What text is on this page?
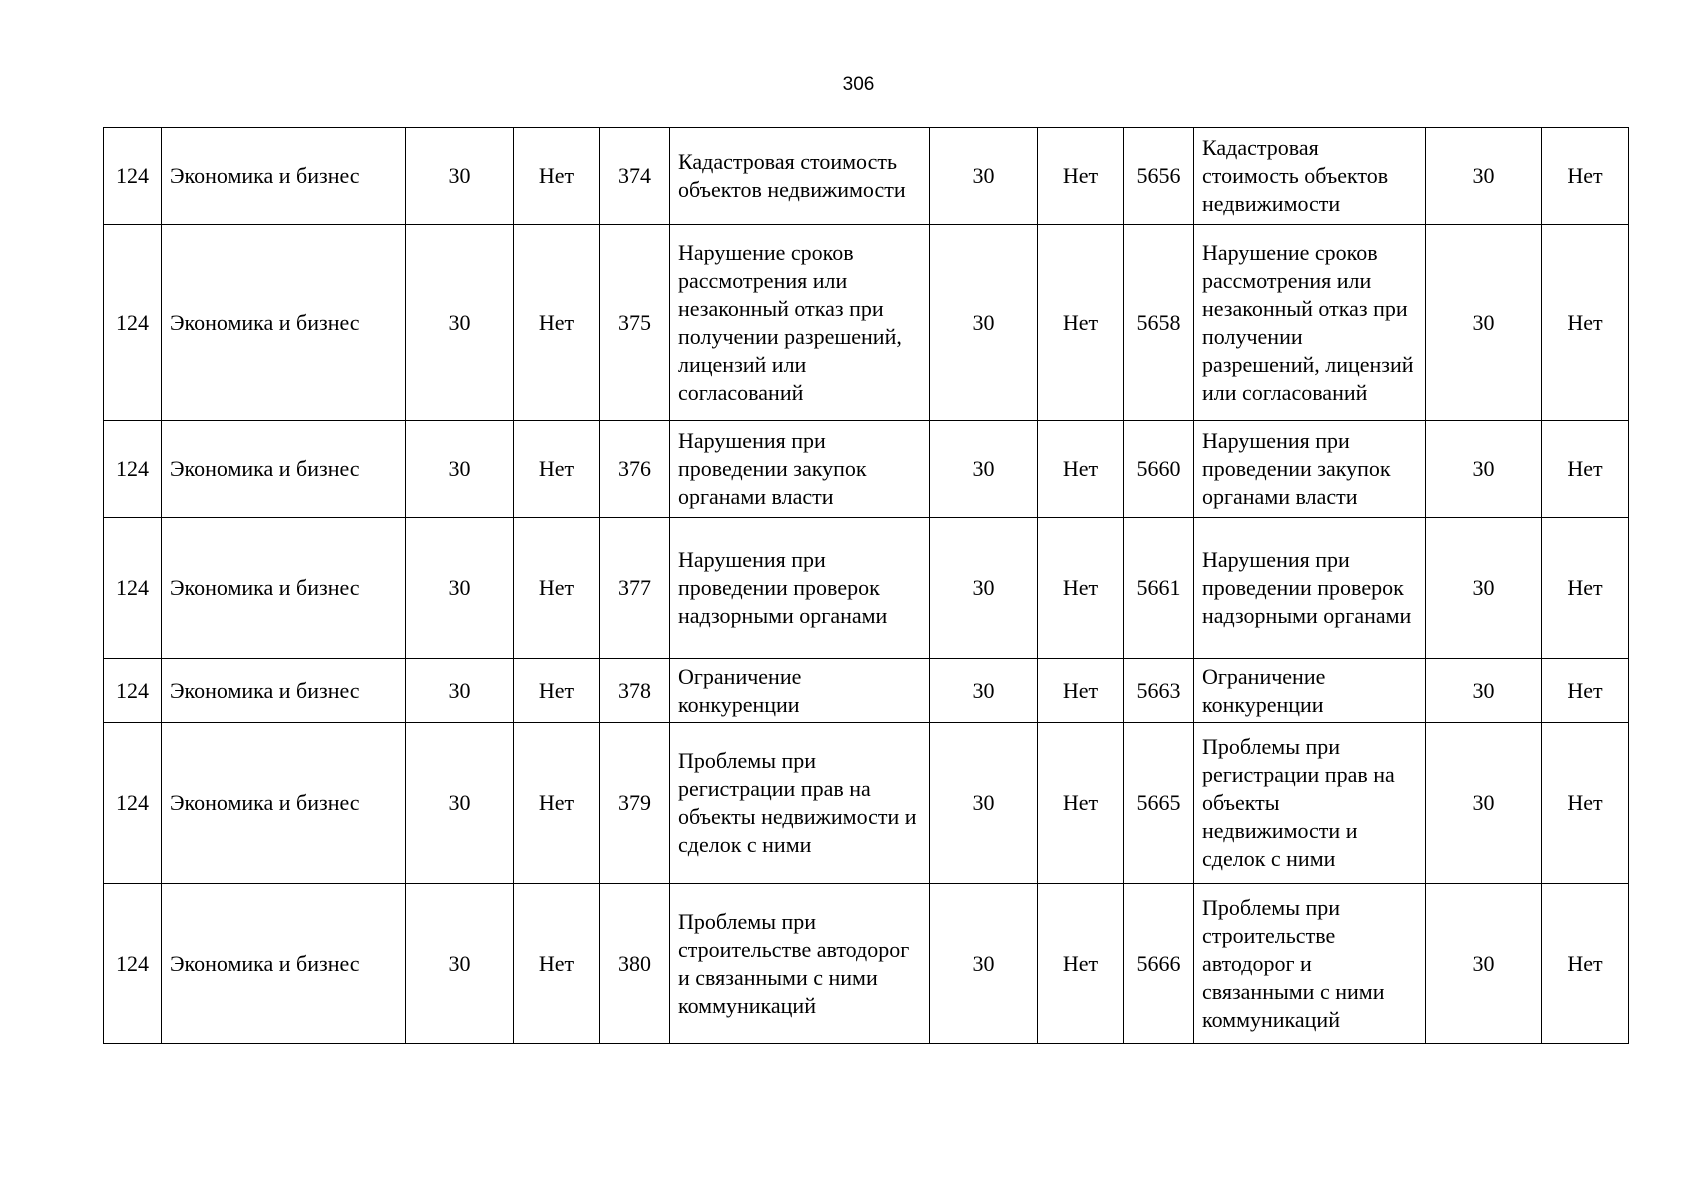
306
124	Экономика и бизнес	30	Нет	374	Кадастровая стоимость объектов недвижимости	30	Нет	5656	Кадастровая стоимость объектов недвижимости	30	Нет
124	Экономика и бизнес	30	Нет	375	Нарушение сроков рассмотрения или незаконный отказ при получении разрешений, лицензий или согласований	30	Нет	5658	Нарушение сроков рассмотрения или незаконный отказ при получении разрешений, лицензий или согласований	30	Нет
124	Экономика и бизнес	30	Нет	376	Нарушения при проведении закупок органами власти	30	Нет	5660	Нарушения при проведении закупок органами власти	30	Нет
124	Экономика и бизнес	30	Нет	377	Нарушения при проведении проверок надзорными органами	30	Нет	5661	Нарушения при проведении проверок надзорными органами	30	Нет
124	Экономика и бизнес	30	Нет	378	Ограничение конкуренции	30	Нет	5663	Ограничение конкуренции	30	Нет
124	Экономика и бизнес	30	Нет	379	Проблемы при регистрации прав на объекты недвижимости и сделок с ними	30	Нет	5665	Проблемы при регистрации прав на объекты недвижимости и сделок с ними	30	Нет
124	Экономика и бизнес	30	Нет	380	Проблемы при строительстве автодорог и связанными с ними коммуникаций	30	Нет	5666	Проблемы при строительстве автодорог и связанными с ними коммуникаций	30	Нет
